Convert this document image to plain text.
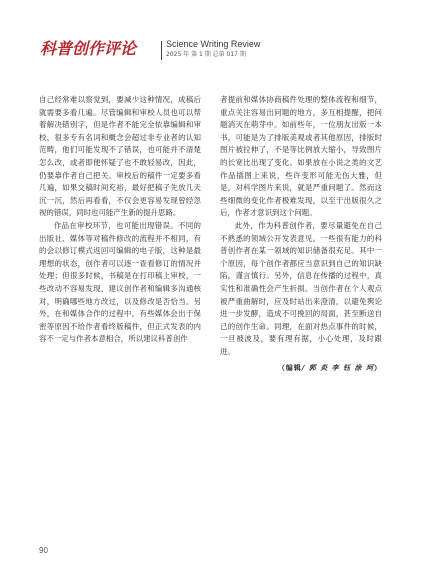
科普创作评论	Science Writing Review
2025 年 第 1 期 总第 017 期

自己经常难以察觉到，要减少这种情况，成稿后就需要多看几遍。尽管编辑和审校人员也可以帮着解决错别字，但是作者不能完全依靠编辑和审校，很多专有名词和概念会超过非专业者的认知范畴，他们可能发现不了错误，也可能并不清楚怎么改，或者即便怀疑了也不敢轻易改，因此，仍要靠作者自己把关。审校后的稿件一定要多看几遍，如果交稿时间充裕，最好把稿子先放几天沉一沉，然后再看看，不仅会更容易发现曾经忽视的错误，同时也可能产生新的提升思路。

作品在审校环节，也可能出现错误。不同的出版社、媒体等对稿件修改的流程并不相同，有的会以修订模式返回可编辑的电子版，这种是最理想的状态，创作者可以逐一查看修订的情况并处理；但很多时候，书稿是在打印稿上审校，一些改动不容易发现，建议创作者和编辑多沟通核对，明确哪些地方改过，以及修改是否恰当。另外，在和媒体合作的过程中，有些媒体会出于保密等原因不给作者看终版稿件，但正式发表的内容不一定与作者本意相合，所以建议科普创作

者提前和媒体协商稿件处理的整体流程和细节，重点关注容易出问题的地方，多互相提醒，把问题消灭在萌芽中。如前些年，一位朋友出版一本书，可能是为了排版美观或者其他原因，排版时图片被拉伸了，不是等比例放大缩小，导致图片的长宽比出现了变化。如果放在小说之类的文艺作品插图上来说，些许变形可能无伤大雅，但是，对科学图片来说，就是严重问题了。然而这些细微的变化作者极难发现，以至于出版很久之后，作者才意识到这个问题。

此外，作为科普创作者，要尽量避免在自己不熟悉的领域公开发表意见。一些很有能力的科普创作者在某一领域的知识储备很充足。其中一个原因，每个创作者都应当意识到自己的知识缺陷，谨言慎行。另外，信息在传播的过程中，真实性和准确性会产生折损。当创作者在个人观点被严重曲解时，应及时站出来澄清，以避免舆论进一步发酵，造成不可挽回的局面，甚至断送自己的创作生命。同理，在面对热点事件的时候，一旦被波及，要有理有据，小心处理，及时跟进。

（编辑/ 郭 炎 李 钰 涂 珂）

90
